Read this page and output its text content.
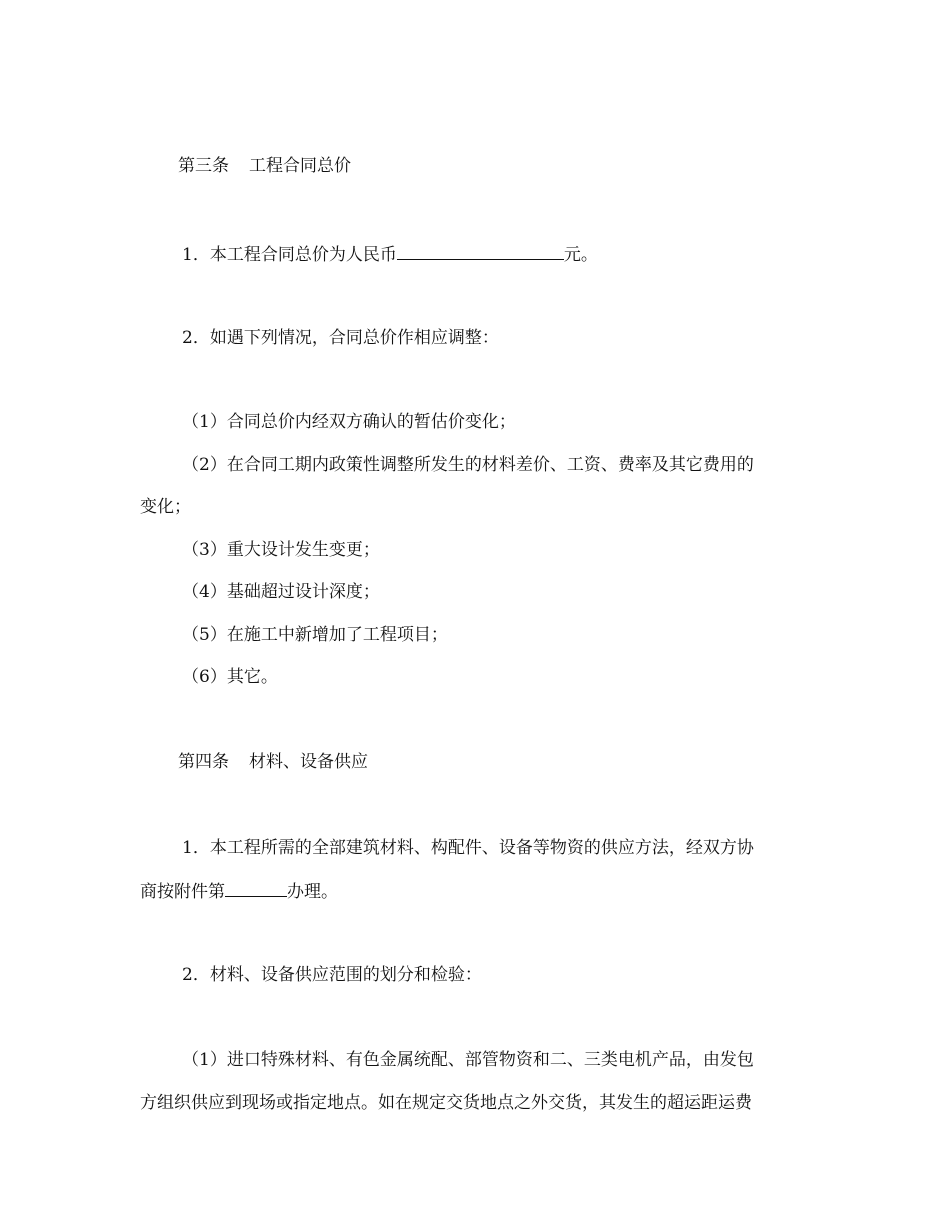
第三条 工程合同总价
1．本工程合同总价为人民币	元。
2．如遇下列情况，合同总价作相应调整：
（1）合同总价内经双方确认的暂估价变化；
（2）在合同工期内政策性调整所发生的材料差价、工资、费率及其它费用的
变化；
（3）重大设计发生变更；
（4）基础超过设计深度；
（5）在施工中新增加了工程项目；
（6）其它。
第四条 材料、设备供应
1．本工程所需的全部建筑材料、构配件、设备等物资的供应方法，经双方协
商按附件第	办理。
2．材料、设备供应范围的划分和检验：
（1）进口特殊材料、有色金属统配、部管物资和二、三类电机产品，由发包
方组织供应到现场或指定地点。如在规定交货地点之外交货，其发生的超运距运费
